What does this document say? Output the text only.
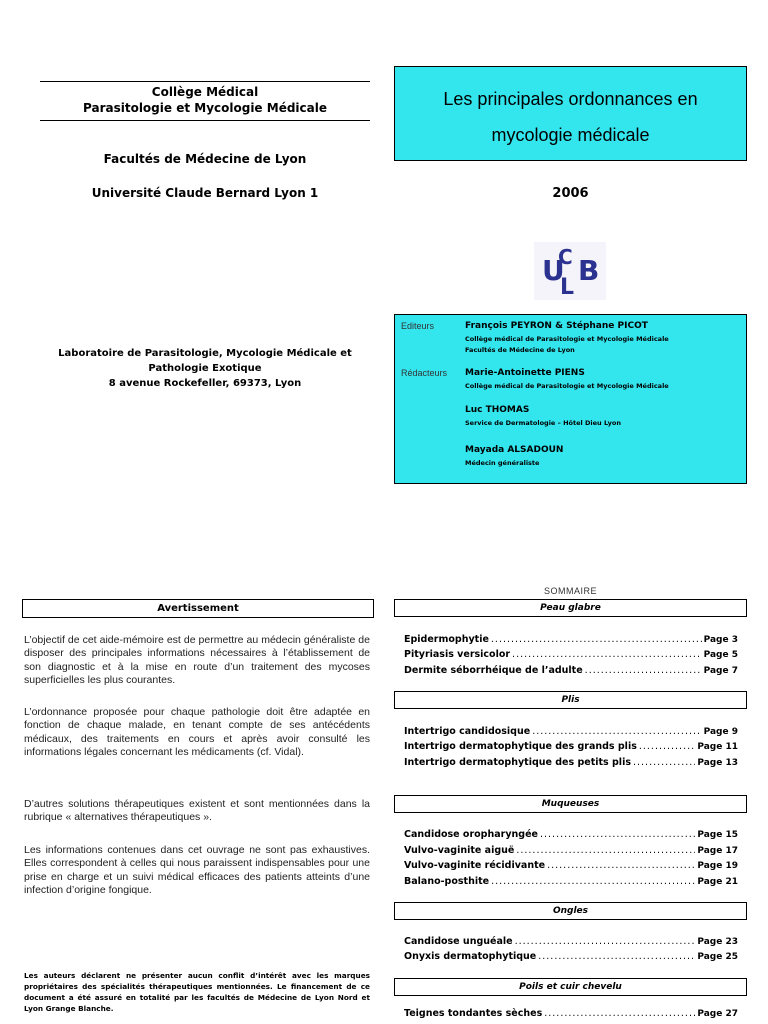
Collège Médical
Parasitologie et Mycologie Médicale
Facultés de Médecine de Lyon
Université Claude Bernard Lyon 1
Les principales ordonnances en
mycologie médicale
2006
U
C
L
B
Editeurs	François PEYRON & Stéphane PICOT
Collège médical de Parasitologie et Mycologie Médicale
Facultés de Médecine de Lyon
Rédacteurs Marie-Antoinette PIENS
Collège médical de Parasitologie et Mycologie Médicale
Luc THOMAS
Service de Dermatologie – Hôtel Dieu Lyon
Mayada ALSADOUN
Médecin généraliste
Laboratoire de Parasitologie, Mycologie Médicale et
Pathologie Exotique
8 avenue Rockefeller, 69373, Lyon
Avertissement
L’objectif de cet aide-mémoire est de permettre au médecin généraliste de disposer des principales informations nécessaires à l’établissement de son diagnostic et à la mise en route d’un traitement des mycoses superficielles les plus courantes.
L’ordonnance proposée pour chaque pathologie doit être adaptée en fonction de chaque malade, en tenant compte de ses antécédents médicaux, des traitements en cours et après avoir consulté les informations légales concernant les médicaments (cf. Vidal).
D’autres solutions thérapeutiques existent et sont mentionnées dans la rubrique « alternatives thérapeutiques ».
Les informations contenues dans cet ouvrage ne sont pas exhaustives. Elles correspondent à celles qui nous paraissent indispensables pour une prise en charge et un suivi médical efficaces des patients atteints d’une infection d’origine fongique.
Les auteurs déclarent ne présenter aucun conflit d’intérêt avec les marques propriétaires des spécialités thérapeutiques mentionnées. Le financement de ce document a été assuré en totalité par les facultés de Médecine de Lyon Nord et Lyon Grange Blanche.
SOMMAIRE
Peau glabre
Epidermophytie .....	Page 3
Pityriasis versicolor .....	Page 5
Dermite séborrhéique de l’adulte .....	Page 7
Plis
Intertrigo candidosique .....	Page 9
Intertrigo dermatophytique des grands plis .....	Page 11
Intertrigo dermatophytique des petits plis .....	Page 13
Muqueuses
Candidose oropharyngée .....	Page 15
Vulvo-vaginite aiguë .....	Page 17
Vulvo-vaginite récidivante .....	Page 19
Balano-posthite .....	Page 21
Ongles
Candidose unguéale .....	Page 23
Onyxis dermatophytique .....	Page 25
Poils et cuir chevelu
Teignes tondantes sèches .....	Page 27
